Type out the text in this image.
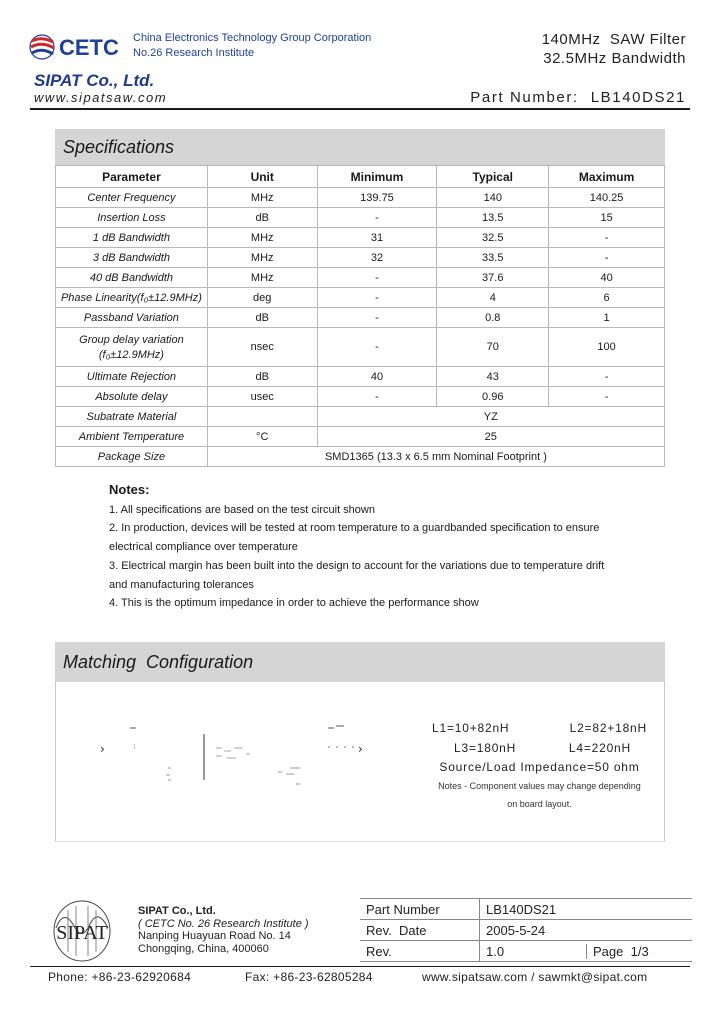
CETC China Electronics Technology Group Corporation
No.26 Research Institute
140MHz  SAW Filter
32.5MHz Bandwidth
SIPAT Co., Ltd.
www.sipatsaw.com	Part Number: LB140DS21
Specifications
Parameter	Unit	Minimum	Typical	Maximum
Center Frequency	MHz	139.75	140	140.25
Insertion Loss	dB	-	13.5	15
1 dB Bandwidth	MHz	31	32.5	-
3 dB Bandwidth	MHz	32	33.5	-
40 dB Bandwidth	MHz	-	37.6	40
Phase Linearity(f₀±12.9MHz)	deg	-	4	6
Passband Variation	dB	-	0.8	1

Group delay variation
(f₀±12.9MHz)	nsec	-	70	100
Ultimate Rejection	dB	40	43	-
Absolute delay	usec	-	0.96	-
Subatrate Material		YZ		
Ambient Temperature	°C	25		
Package Size	SMD1365 (13.3 x 6.5 mm Nominal Footprint )			
Notes:
1. All specifications are based on the test circuit shown
2. In production, devices will be tested at room temperature to a guardbanded specification to ensure
electrical compliance over temperature
3. Electrical margin has been built into the design to account for the variations due to temperature drift
and manufacturing tolerances
4. This is the optimum impedance in order to achieve the performance show
Matching  Configuration
›	›
L1=10+82nH	L2=82+18nH
L3=180nH	L4=220nH
Source/Load Impedance=50 ohm
Notes - Component values may change depending
on board layout.
SIPAT
SIPAT Co., Ltd.
( CETC No. 26 Research Institute )
Nanping Huayuan Road No. 14
Chongqing, China, 400060
Part Number	LB140DS21
Rev.  Date	2005-5-24
Rev.	1.0 Page 1/3
Phone: +86-23-62920684	Fax: +86-23-62805284	www.sipatsaw.com / sawmkt@sipat.com
